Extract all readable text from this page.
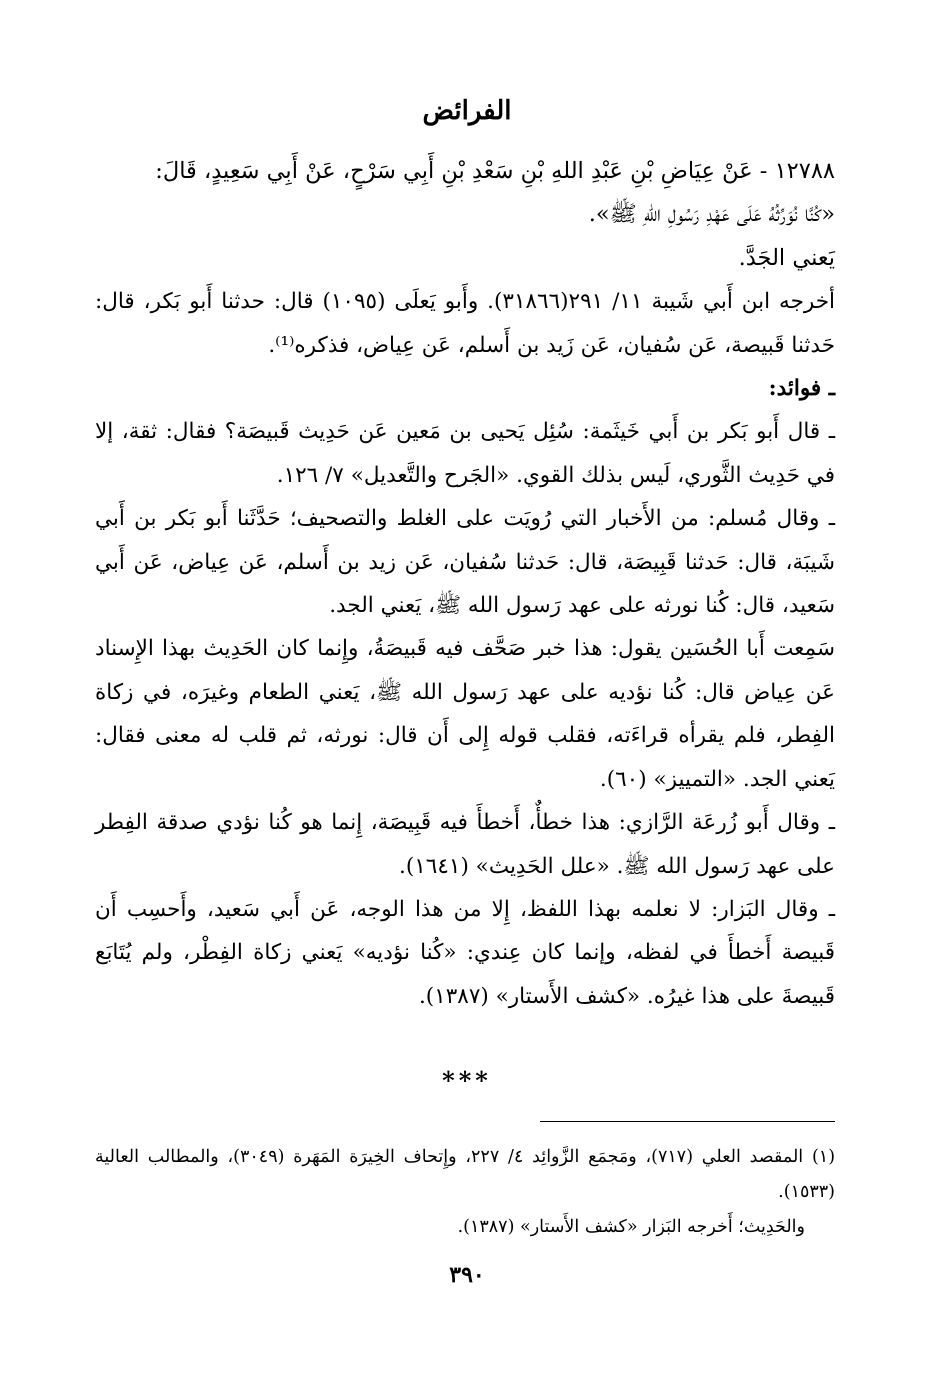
الفرائض

١٢٧٨٨ - عَنْ عِيَاضِ بْنِ عَبْدِ اللهِ بْنِ سَعْدِ بْنِ أَبِي سَرْحٍ، عَنْ أَبِي سَعِيدٍ، قَالَ:

«كُنَّا نُوَرِّثُهُ عَلَى عَهْدِ رَسُولِ اللهِ ﷺ».

يَعني الجَدَّ.

أخرجه ابن أَبي شَيبة ١١/ ٢٩١(٣١٨٦٦). وأَبو يَعلَى (١٠٩٥) قال: حدثنا أَبو بَكر، قال: حَدثنا قَبيصة، عَن سُفيان، عَن زَيد بن أَسلم، عَن عِياض، فذكره⁽¹⁾.

ـ فوائد:

ـ قال أَبو بَكر بن أَبي خَيثَمة: سُئِل يَحيى بن مَعين عَن حَدِيث قَبيصَة؟ فقال: ثقة، إلا في حَدِيث الثَّوري، لَيس بذلك القوي. «الجَرح والتَّعديل» ٧/ ١٢٦.

ـ وقال مُسلم: من الأَخبار التي رُويَت على الغلط والتصحيف؛ حَدَّثَنا أَبو بَكر بن أَبي شَيبَة، قال: حَدثنا قَبِيصَة، قال: حَدثنا سُفيان، عَن زيد بن أَسلم، عَن عِياض، عَن أَبي سَعيد، قال: كُنا نورثه على عهد رَسول الله ﷺ، يَعني الجد.

سَمِعت أَبا الحُسَين يقول: هذا خبر صَحَّف فيه قَبيصَةُ، وإِنما كان الحَدِيث بهذا الإِسناد عَن عِياض قال: كُنا نؤديه على عهد رَسول الله ﷺ، يَعني الطعام وغيرَه، في زكاة الفِطر، فلم يقرأه قراءَته، فقلب قوله إِلى أَن قال: نورثه، ثم قلب له معنى فقال: يَعني الجد. «التمييز» (٦٠).

ـ وقال أَبو زُرعَة الرَّازي: هذا خطأٌ، أَخطأَ فيه قَبِيصَة، إِنما هو كُنا نؤدي صدقة الفِطر على عهد رَسول الله ﷺ. «علل الحَدِيث» (١٦٤١).

ـ وقال البَزار: لا نعلمه بهذا اللفظ، إِلا من هذا الوجه، عَن أَبي سَعيد، وأَحسِب أَن قَبيصة أَخطأَ في لفظه، وإنما كان عِندي: «كُنا نؤديه» يَعني زكاة الفِطْر، ولم يُتَابَع قَبيصةَ على هذا غيرُه. «كشف الأَستار» (١٣٨٧).

***

(١) المقصد العلي (٧١٧)، ومَجمَع الزَّوائِد ٤/ ٢٢٧، وإِتحاف الخِيرَة المَهَرة (٣٠٤٩)، والمطالب العالية (١٥٣٣).

والحَدِيث؛ أَخرجه البَزار «كشف الأَستار» (١٣٨٧).

٣٩٠
